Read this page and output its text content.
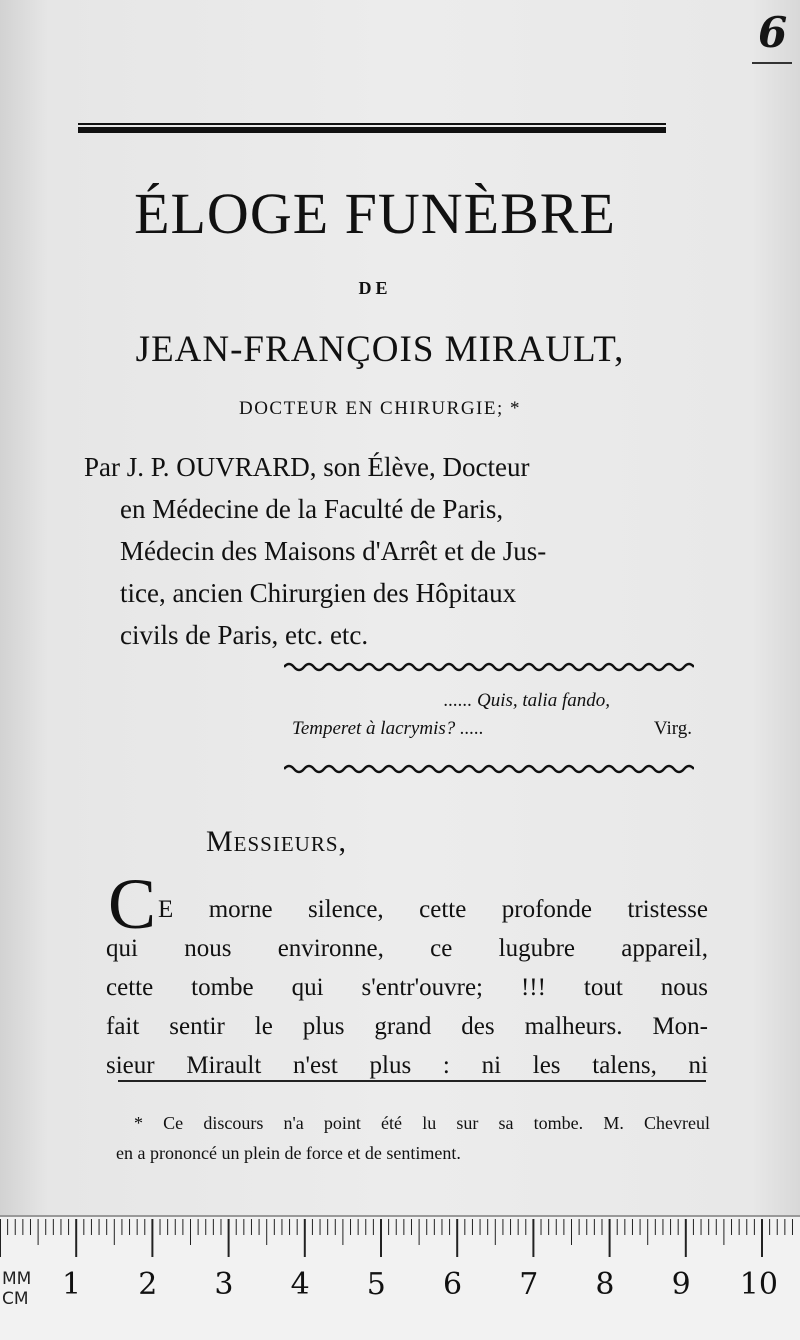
6
ÉLOGE FUNÈBRE
DE
JEAN-FRANÇOIS MIRAULT,
DOCTEUR EN CHIRURGIE; *
Par J. P. OUVRARD, son Élève, Docteur
en Médecine de la Faculté de Paris,
Médecin des Maisons d'Arrêt et de Jus-
tice, ancien Chirurgien des Hôpitaux
civils de Paris, etc. etc.
...... Quis, talia fando,
Temperet à lacrymis? .....	Virg.
Messieurs,
C E morne silence, cette profonde tristesse
qui nous environne, ce lugubre appareil,
cette tombe qui s'entr'ouvre; !!! tout nous
fait sentir le plus grand des malheurs. Mon-
sieur Mirault n'est plus : ni les talens, ni
* Ce discours n'a point été lu sur sa tombe. M. Chevreul
en a prononcé un plein de force et de sentiment.
MM
CM 1 2 3 4 5 6 7 8 9 10
